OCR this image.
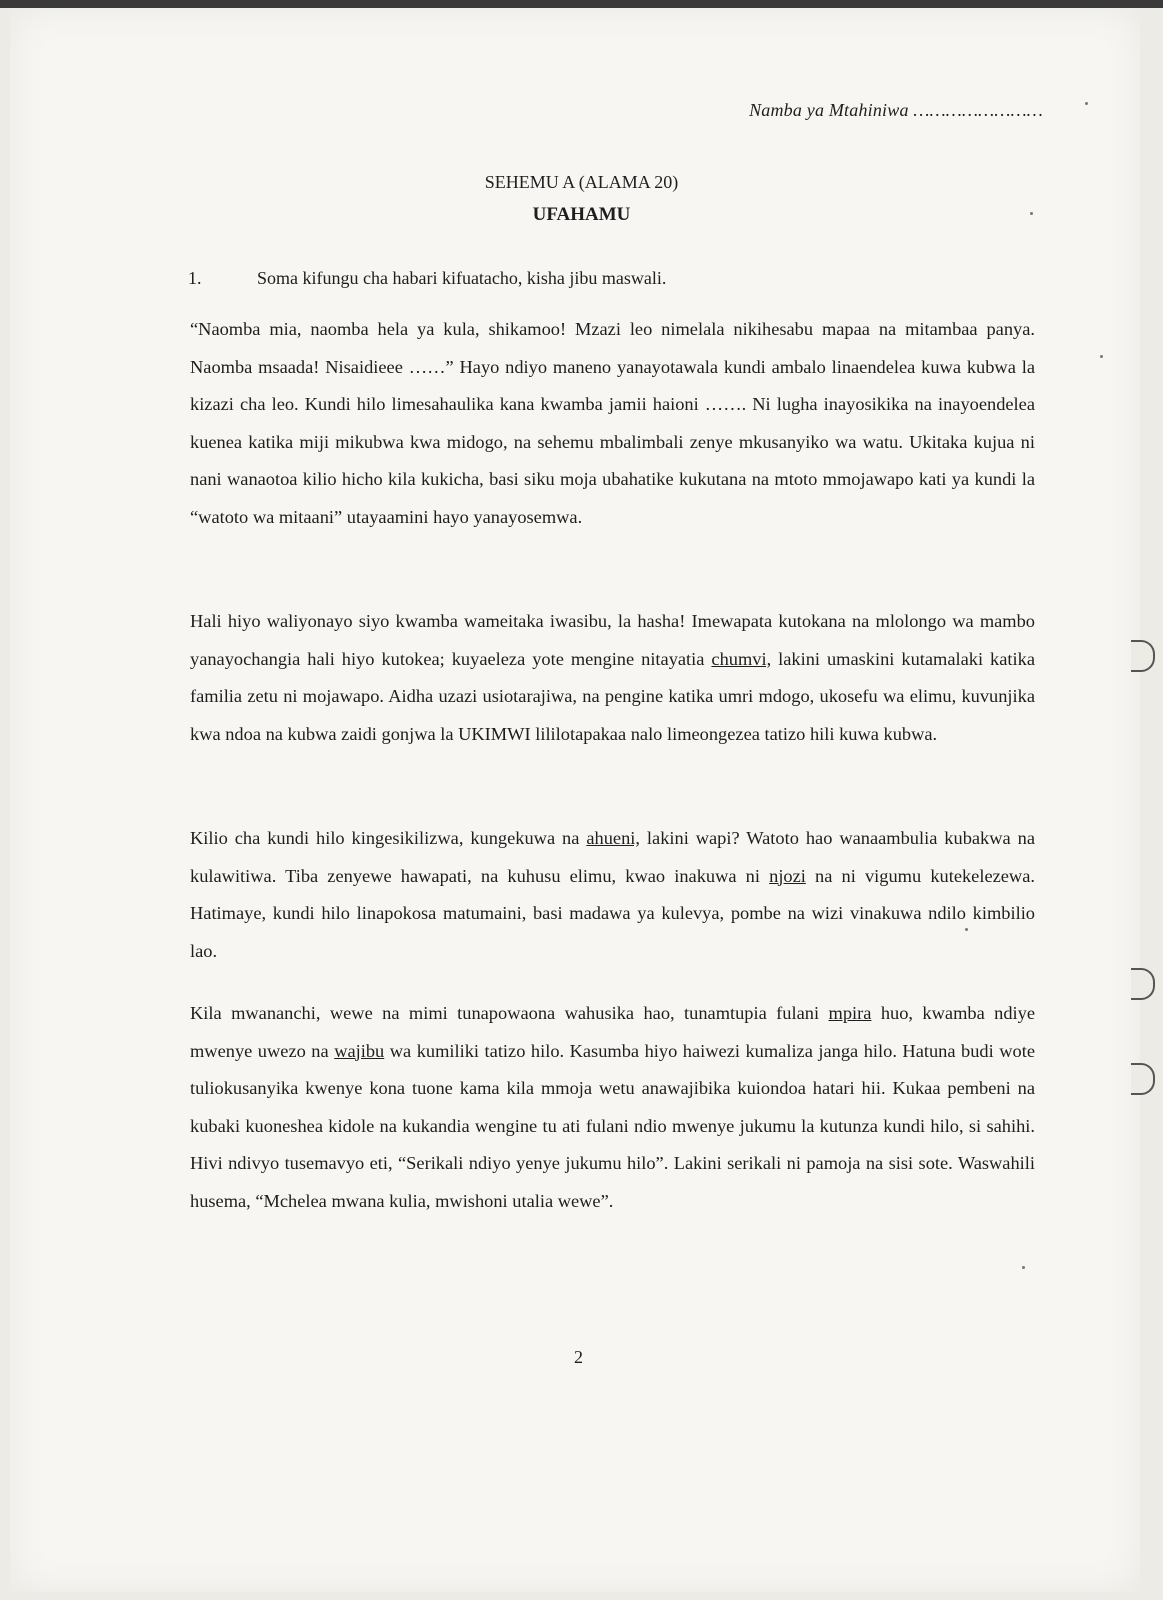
Namba ya Mtahiniwa ……………………
SEHEMU A (ALAMA 20)
UFAHAMU
1.	Soma kifungu cha habari kifuatacho, kisha jibu maswali.
“Naomba mia, naomba hela ya kula, shikamoo! Mzazi leo nimelala nikihesabu mapaa na mitambaa panya. Naomba msaada! Nisaidieee ……” Hayo ndiyo maneno yanayotawala kundi ambalo linaendelea kuwa kubwa la kizazi cha leo. Kundi hilo limesahaulika kana kwamba jamii haioni ……. Ni lugha inayosikika na inayoendelea kuenea katika miji mikubwa kwa midogo, na sehemu mbalimbali zenye mkusanyiko wa watu. Ukitaka kujua ni nani wanaotoa kilio hicho kila kukicha, basi siku moja ubahatike kukutana na mtoto mmojawapo kati ya kundi la “watoto wa mitaani” utayaamini hayo yanayosemwa.
Hali hiyo waliyonayo siyo kwamba wameitaka iwasibu, la hasha! Imewapata kutokana na mlolongo wa mambo yanayochangia hali hiyo kutokea; kuyaeleza yote mengine nitayatia chumvi, lakini umaskini kutamalaki katika familia zetu ni mojawapo. Aidha uzazi usiotarajiwa, na pengine katika umri mdogo, ukosefu wa elimu, kuvunjika kwa ndoa na kubwa zaidi gonjwa la UKIMWI lililotapakaa nalo limeongezea tatizo hili kuwa kubwa.
Kilio cha kundi hilo kingesikilizwa, kungekuwa na ahueni, lakini wapi? Watoto hao wanaambulia kubakwa na kulawitiwa. Tiba zenyewe hawapati, na kuhusu elimu, kwao inakuwa ni njozi na ni vigumu kutekelezewa. Hatimaye, kundi hilo linapokosa matumaini, basi madawa ya kulevya, pombe na wizi vinakuwa ndilo kimbilio lao.
Kila mwananchi, wewe na mimi tunapowaona wahusika hao, tunamtupia fulani mpira huo, kwamba ndiye mwenye uwezo na wajibu wa kumiliki tatizo hilo. Kasumba hiyo haiwezi kumaliza janga hilo. Hatuna budi wote tuliokusanyika kwenye kona tuone kama kila mmoja wetu anawajibika kuiondoa hatari hii. Kukaa pembeni na kubaki kuoneshea kidole na kukandia wengine tu ati fulani ndio mwenye jukumu la kutunza kundi hilo, si sahihi. Hivi ndivyo tusemavyo eti, “Serikali ndiyo yenye jukumu hilo”. Lakini serikali ni pamoja na sisi sote. Waswahili husema, “Mchelea mwana kulia, mwishoni utalia wewe”.
2
